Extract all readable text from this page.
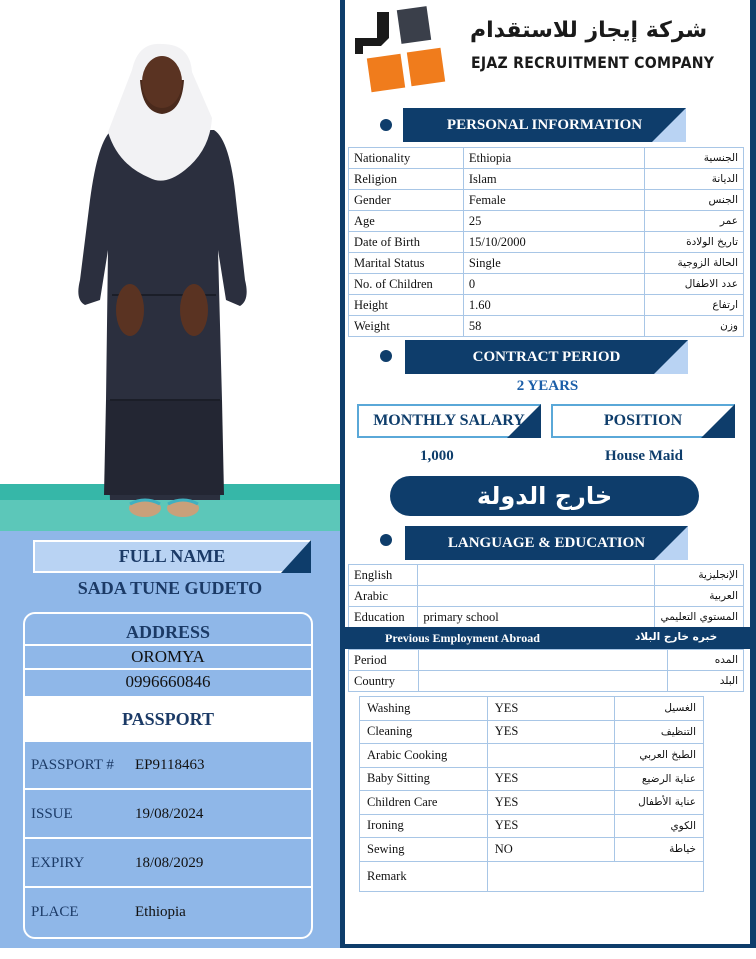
FULL NAME
SADA TUNE GUDETO
ADDRESS
OROMYA
0996660846
PASSPORT
PASSPORT #	EP9118463
ISSUE	19/08/2024
EXPIRY	18/08/2029
PLACE	Ethiopia
شركة إيجاز للاستقدام
EJAZ RECRUITMENT COMPANY
PERSONAL INFORMATION
Nationality	Ethiopia	الجنسية
Religion	Islam	الديانة
Gender	Female	الجنس
Age	25	عمر
Date of Birth	15/10/2000	تاريخ الولادة
Marital Status	Single	الحالة الزوجية
No. of Children	0	عدد الاطفال
Height	1.60	ارتفاع
Weight	58	وزن
CONTRACT PERIOD
2 YEARS
MONTHLY SALARY	POSITION
1,000	House Maid
خارج الدولة
LANGUAGE & EDUCATION
English		الإنجليزية
Arabic		العربية
Education	primary school	المستوي التعليمي
Previous Employment Abroad	خبره خارج البلاد
Period		المده
Country		البلد
Washing	YES	الغسيل
Cleaning	YES	التنظيف
Arabic Cooking		الطبخ العربي
Baby Sitting	YES	عناية الرضيع
Children Care	YES	عناية الأطفال
Ironing	YES	الكوي
Sewing	NO	خياطة
Remark		
